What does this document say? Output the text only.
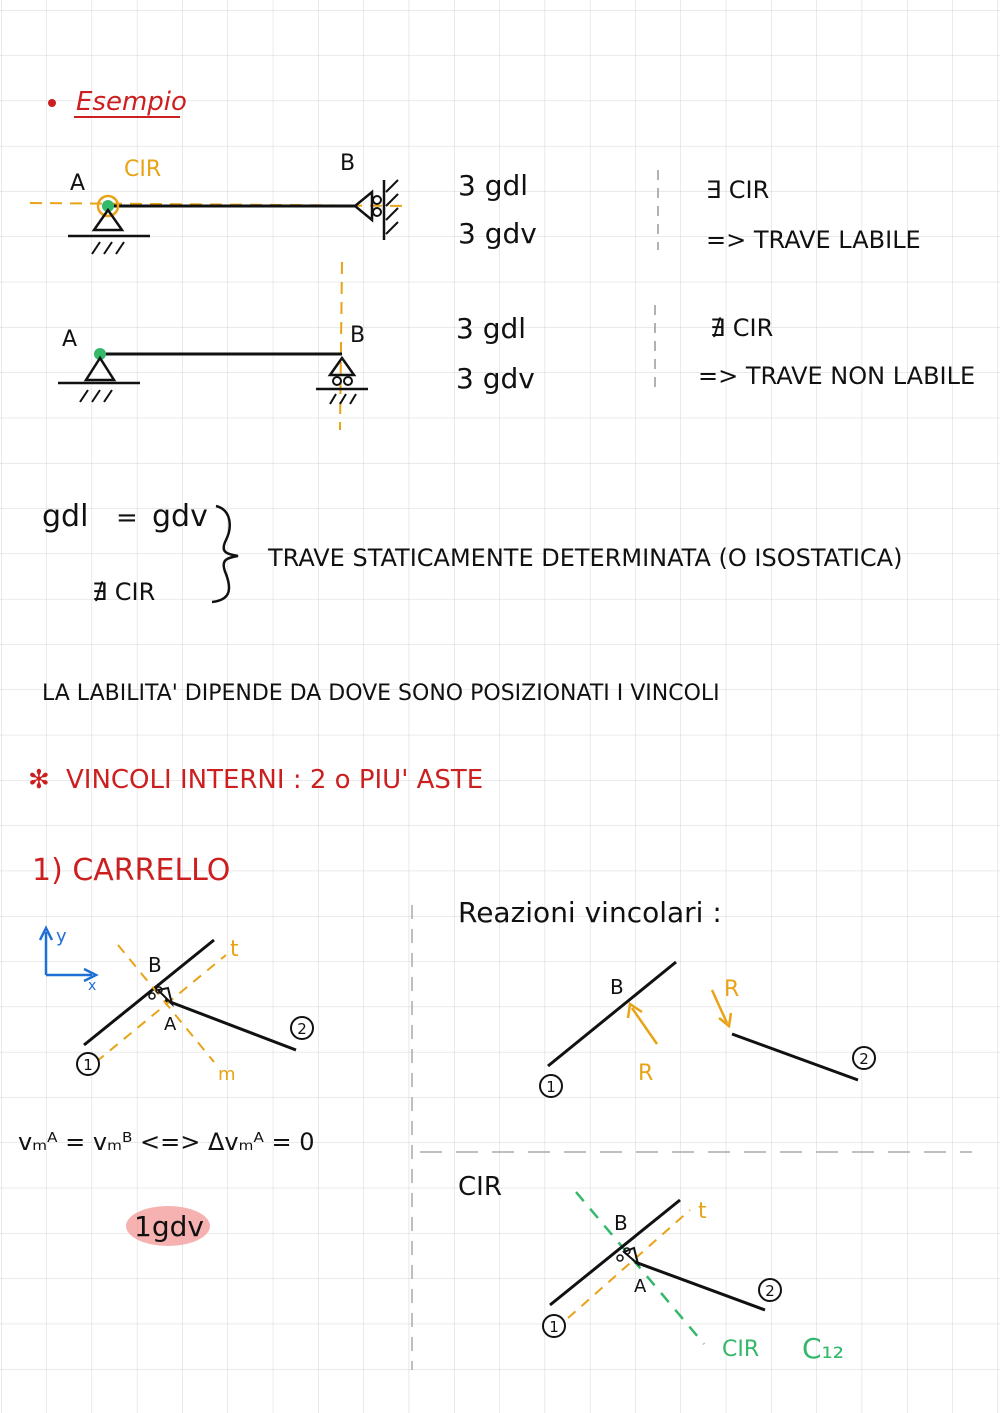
Esempio
A
CIR	B
3 gdl
3 gdv
∃ CIR
=> TRAVE LABILE
A	B	3 gdl
3 gdv
∄ CIR
=> TRAVE NON LABILE
gdl = gdv
∄ CIR
TRAVE STATICAMENTE DETERMINATA (O ISOSTATICA)
LA LABILITA' DIPENDE DA DOVE SONO POSIZIONATI I VINCOLI
✻ VINCOLI INTERNI : 2 o PIU' ASTE
1) CARRELLO
y
x
B
A
t
m
1
2
vₘᴬ = vₘᴮ <=> Δvₘᴬ = 0
1gdv
Reazioni vincolari :
B	R
R
1
2
CIR
B
A
t
CIR C₁₂
1
2
